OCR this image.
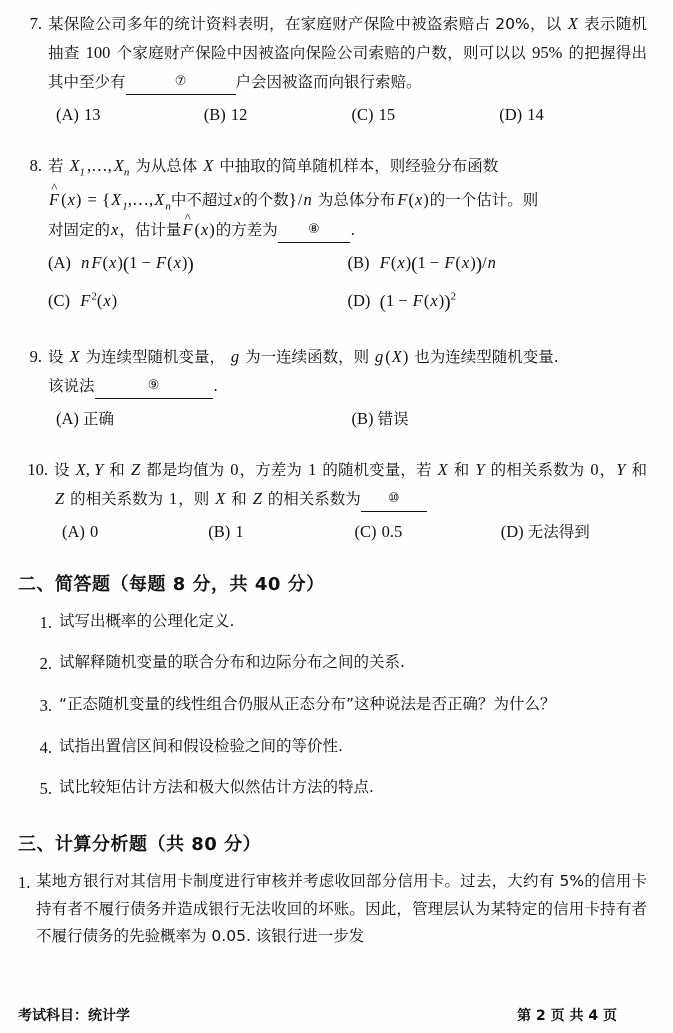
7. 某保险公司多年的统计资料表明，在家庭财产保险中被盗索赔占 20%，以 X 表示随机抽查 100 个家庭财产保险中因被盗向保险公司索赔的户数，则可以以 95% 的把握得出其中至少有	⑦	户会因被盗而向银行索赔。
(A) 13	(B) 12	(C) 15	(D) 14
8. 若 $X_1$ ,…, $X_n$ 为从总体 X 中抽取的简单随机样本，则经验分布函数
^ F $(x) = \{X_1,\dots,X_n$中不超过x的个数}/n 为总体分布 F(x)的一个估计。则
对固定的x，估计量^ F (x)的方差为 ⑧ .
(A) n F(x)(1 − F(x))	(B) F(x)(1 − F(x))/n
(C) $F^2(x)$	(D) $(1 - F(x))^2$
9. 设 X 为连续型随机变量， g 为一连续函数，则 g (X) 也为连续型随机变量.
该说法	⑨	.
(A) 正确	(B) 错误
10. 设 X, Y 和 Z 都是均值为 0，方差为 1 的随机变量，若 X 和 Y 的相关系数为 0，Y 和 Z 的相关系数为 1，则 X 和 Z 的相关系数为 ⑩
(A) 0	(B) 1	(C) 0.5	(D) 无法得到
二、简答题（每题 8 分，共 40 分）
1. 试写出概率的公理化定义.
2. 试解释随机变量的联合分布和边际分布之间的关系.
3. “正态随机变量的线性组合仍服从正态分布”这种说法是否正确？为什么？
4. 试指出置信区间和假设检验之间的等价性.
5. 试比较矩估计方法和极大似然估计方法的特点.
三、计算分析题（共 80 分）
1. 某地方银行对其信用卡制度进行审核并考虑收回部分信用卡。过去，大约有 5%的信用卡持有者不履行债务并造成银行无法收回的坏账。因此，管理层认为某特定的信用卡持有者不履行债务的先验概率为 0.05. 该银行进一步发
考试科目：统计学	第 2 页 共 4 页
